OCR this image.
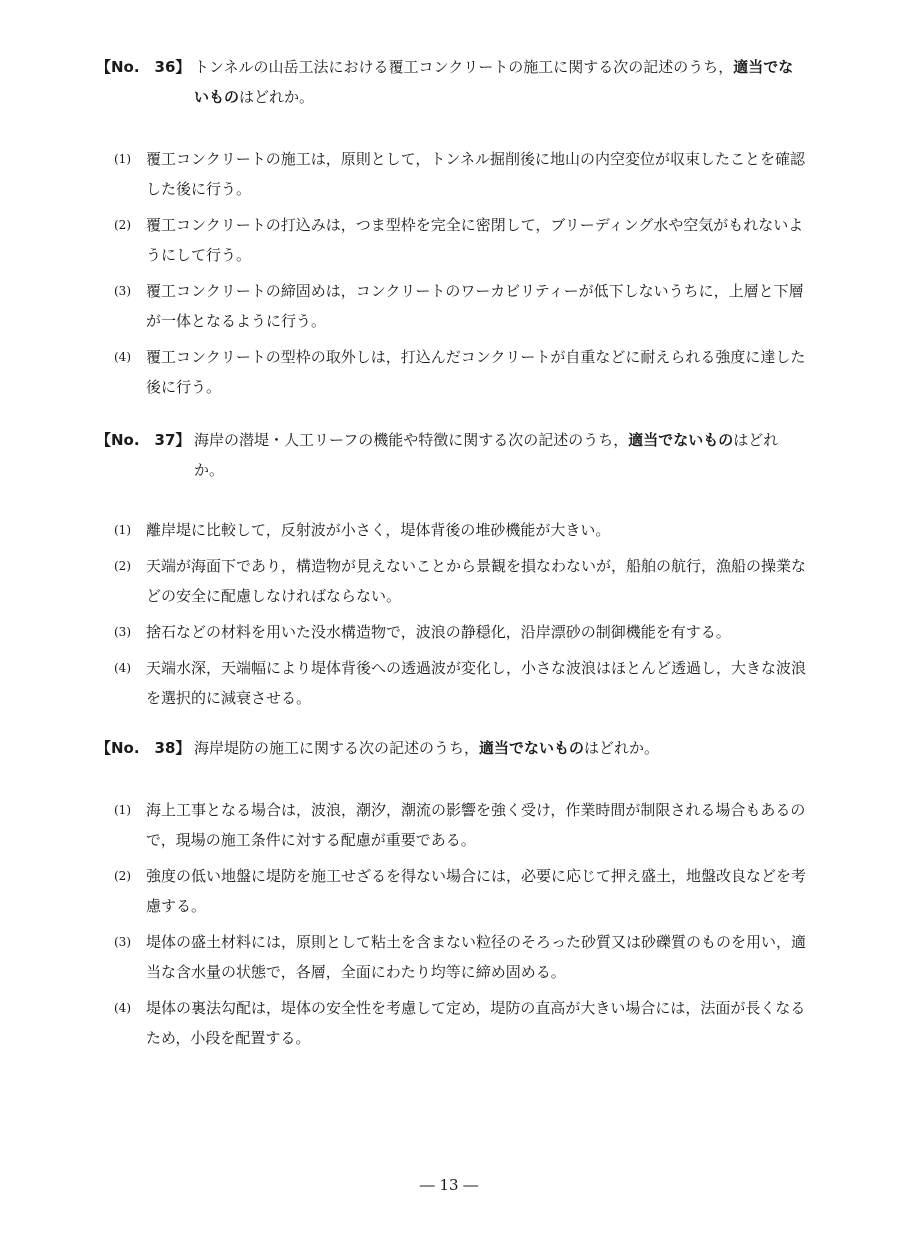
【No.　36】 トンネルの山岳工法における覆工コンクリートの施工に関する次の記述のうち，適当でないものはどれか。
(1) 覆工コンクリートの施工は，原則として，トンネル掘削後に地山の内空変位が収束したことを確認した後に行う。
(2) 覆工コンクリートの打込みは，つま型枠を完全に密閉して，ブリーディング水や空気がもれないようにして行う。
(3) 覆工コンクリートの締固めは，コンクリートのワーカビリティーが低下しないうちに，上層と下層が一体となるように行う。
(4) 覆工コンクリートの型枠の取外しは，打込んだコンクリートが自重などに耐えられる強度に達した後に行う。
【No.　37】 海岸の潜堤・人工リーフの機能や特徴に関する次の記述のうち，適当でないものはどれか。
(1) 離岸堤に比較して，反射波が小さく，堤体背後の堆砂機能が大きい。
(2) 天端が海面下であり，構造物が見えないことから景観を損なわないが，船舶の航行，漁船の操業などの安全に配慮しなければならない。
(3) 捨石などの材料を用いた没水構造物で，波浪の静穏化，沿岸漂砂の制御機能を有する。
(4) 天端水深，天端幅により堤体背後への透過波が変化し，小さな波浪はほとんど透過し，大きな波浪を選択的に減衰させる。
【No.　38】 海岸堤防の施工に関する次の記述のうち，適当でないものはどれか。
(1) 海上工事となる場合は，波浪，潮汐，潮流の影響を強く受け，作業時間が制限される場合もあるので，現場の施工条件に対する配慮が重要である。
(2) 強度の低い地盤に堤防を施工せざるを得ない場合には，必要に応じて押え盛土，地盤改良などを考慮する。
(3) 堤体の盛土材料には，原則として粘土を含まない粒径のそろった砂質又は砂礫質のものを用い，適当な含水量の状態で，各層，全面にわたり均等に締め固める。
(4) 堤体の裏法勾配は，堤体の安全性を考慮して定め，堤防の直高が大きい場合には，法面が長くなるため，小段を配置する。
― 13 ―
